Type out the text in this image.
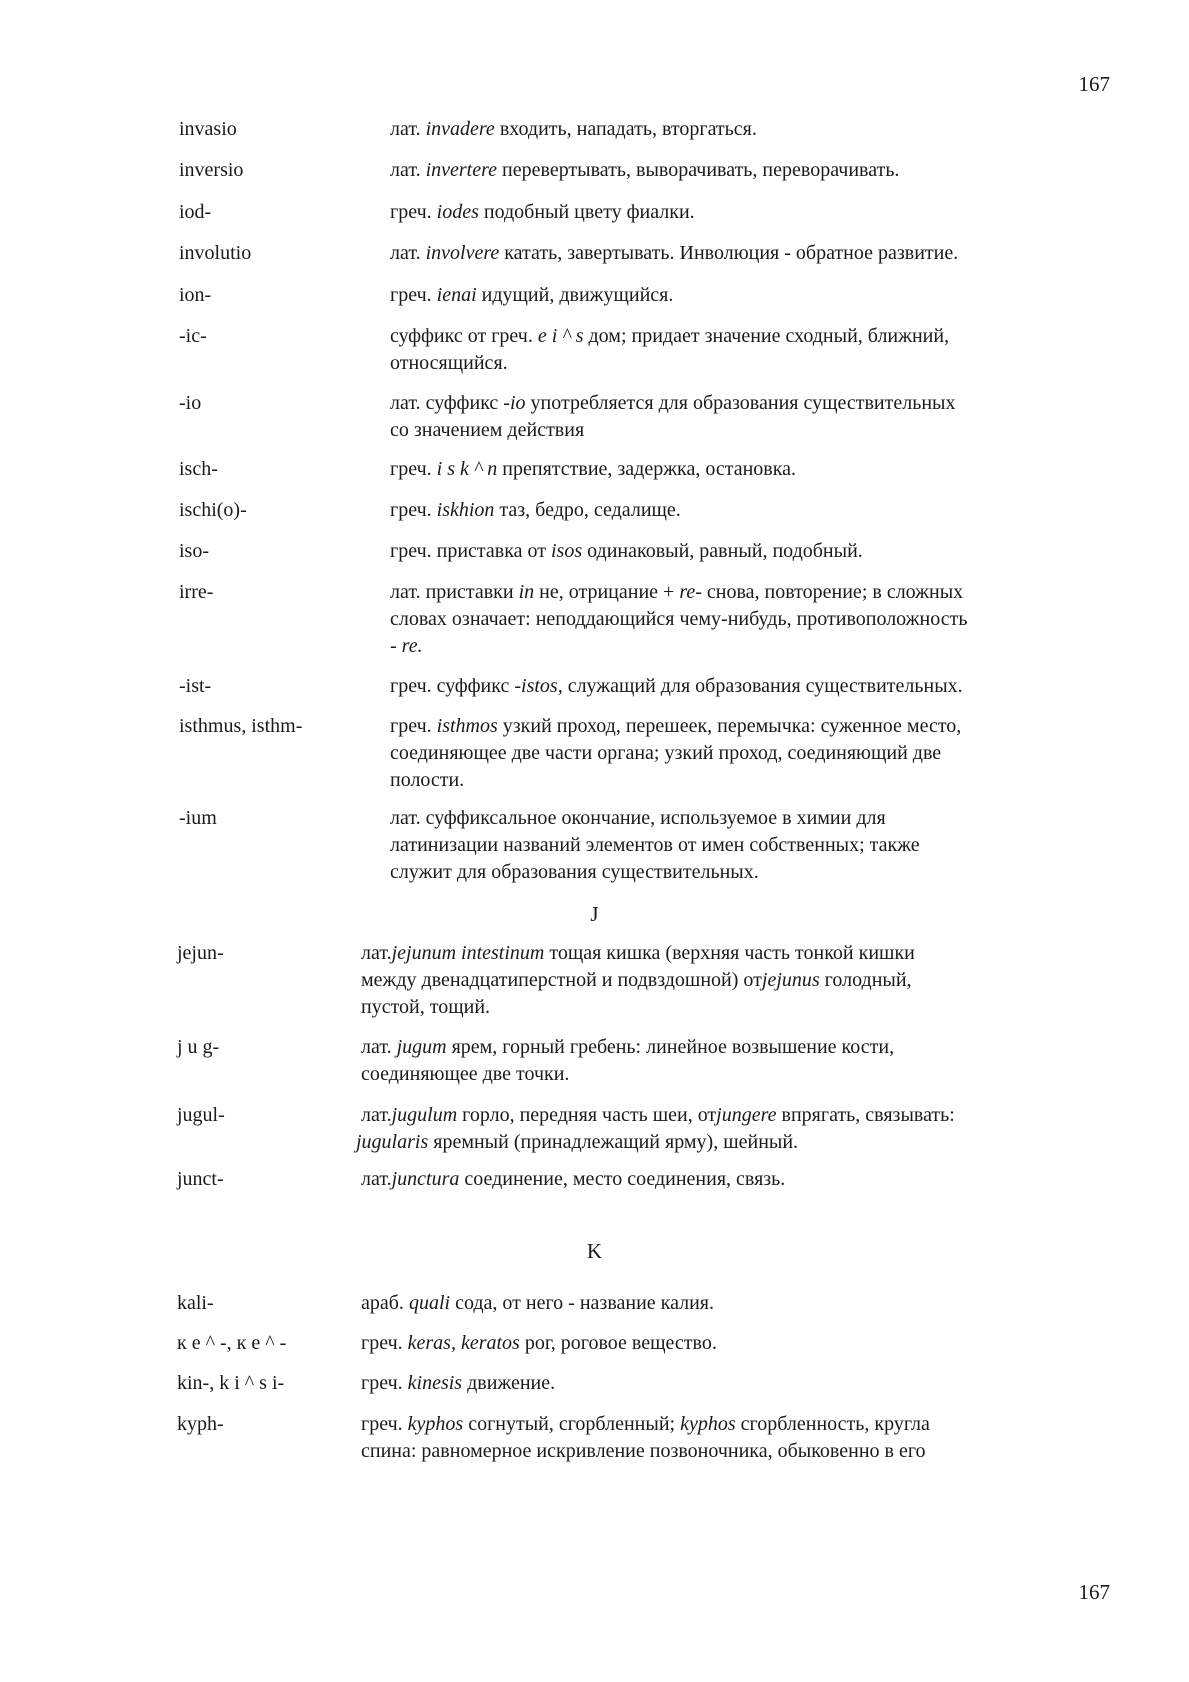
167
invasio	лат. invadere входить, нападать, вторгаться.
inversio	лат. invertere перевертывать, выворачивать, переворачивать.
iod-	греч. iodes подобный цвету фиалки.
involutio	лат. involvere катать, завертывать. Инволюция - обратное развитие.
ion-	греч. ienai идущий, движущийся.
-ic-	суффикс от греч. e i ^ s дом; придает значение сходный, ближний,
относящийся.
-io	лат. суффикс -io употребляется для образования существительных
со значением действия
isch-	греч. i s k ^ n препятствие, задержка, остановка.
ischi(o)-	греч. iskhion таз, бедро, седалище.
iso-	греч. приставка от isos одинаковый, равный, подобный.
irre-	лат. приставки in не, отрицание + re- снова, повторение; в сложных
словах означает: неподдающийся чему-нибудь, противоположность
- re.
-ist-	греч. суффикс -istos, служащий для образования существительных.
isthmus, isthm-	греч. isthmos узкий проход, перешеек, перемычка: суженное место,
соединяющее две части органа; узкий проход, соединяющий две
полости.
-ium	лат. суффиксальное окончание, используемое в химии для
латинизации названий элементов от имен собственных; также
служит для образования существительных.
J
jejun-	лат.jejunum intestinum тощая кишка (верхняя часть тонкой кишки
между двенадцатиперстной и подвздошной) отjejunus голодный,
пустой, тощий.
j u g-	лат. jugum ярем, горный гребень: линейное возвышение кости,
соединяющее две точки.
jugul-	лат.jugulum горло, передняя часть шеи, отjungere впрягать, связывать:
jugularis яремный (принадлежащий ярму), шейный.
junct-	лат.junctura соединение, место соединения, связь.
K
kali-	араб. quali сода, от него - название калия.
к е ^ -, к е ^ -	греч. keras, keratos рог, роговое вещество.
kin-, k i ^ s i-	греч. kinesis движение.
kyph-	греч. kyphos согнутый, сгорбленный; kyphos сгорбленность, кругла
спина: равномерное искривление позвоночника, обыковенно в его
167
